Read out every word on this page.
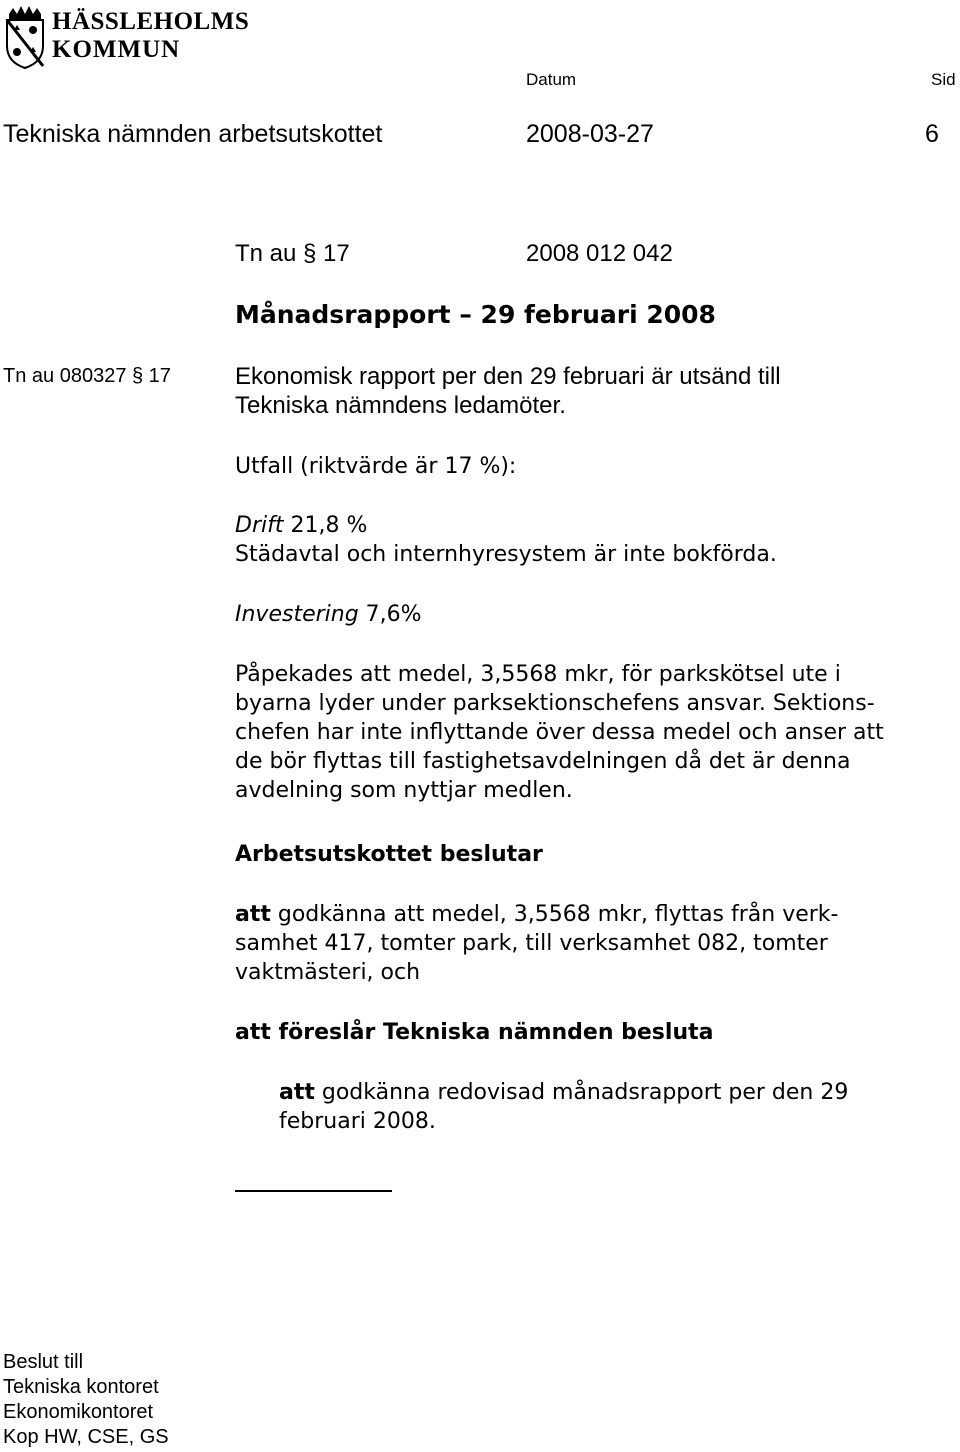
HÄSSLEHOLMS
KOMMUN
Datum	Sid
Tekniska nämnden arbetsutskottet	2008-03-27	6
Tn au § 17	2008 012 042
Månadsrapport – 29 februari 2008
Tn au 080327 § 17	Ekonomisk rapport per den 29 februari är utsänd till
Tekniska nämndens ledamöter.
Utfall (riktvärde är 17 %):
Drift 21,8 %
Städavtal och internhyresystem är inte bokförda.
Investering 7,6%
Påpekades att medel, 3,5568 mkr, för parkskötsel ute i
byarna lyder under parksektionschefens ansvar. Sektions-
chefen har inte inflyttande över dessa medel och anser att
de bör flyttas till fastighetsavdelningen då det är denna
avdelning som nyttjar medlen.
Arbetsutskottet beslutar
att godkänna att medel, 3,5568 mkr, flyttas från verk-
samhet 417, tomter park, till verksamhet 082, tomter
vaktmästeri, och
att föreslår Tekniska nämnden besluta
att godkänna redovisad månadsrapport per den 29
februari 2008.
Beslut till
Tekniska kontoret
Ekonomikontoret
Kop HW, CSE, GS
